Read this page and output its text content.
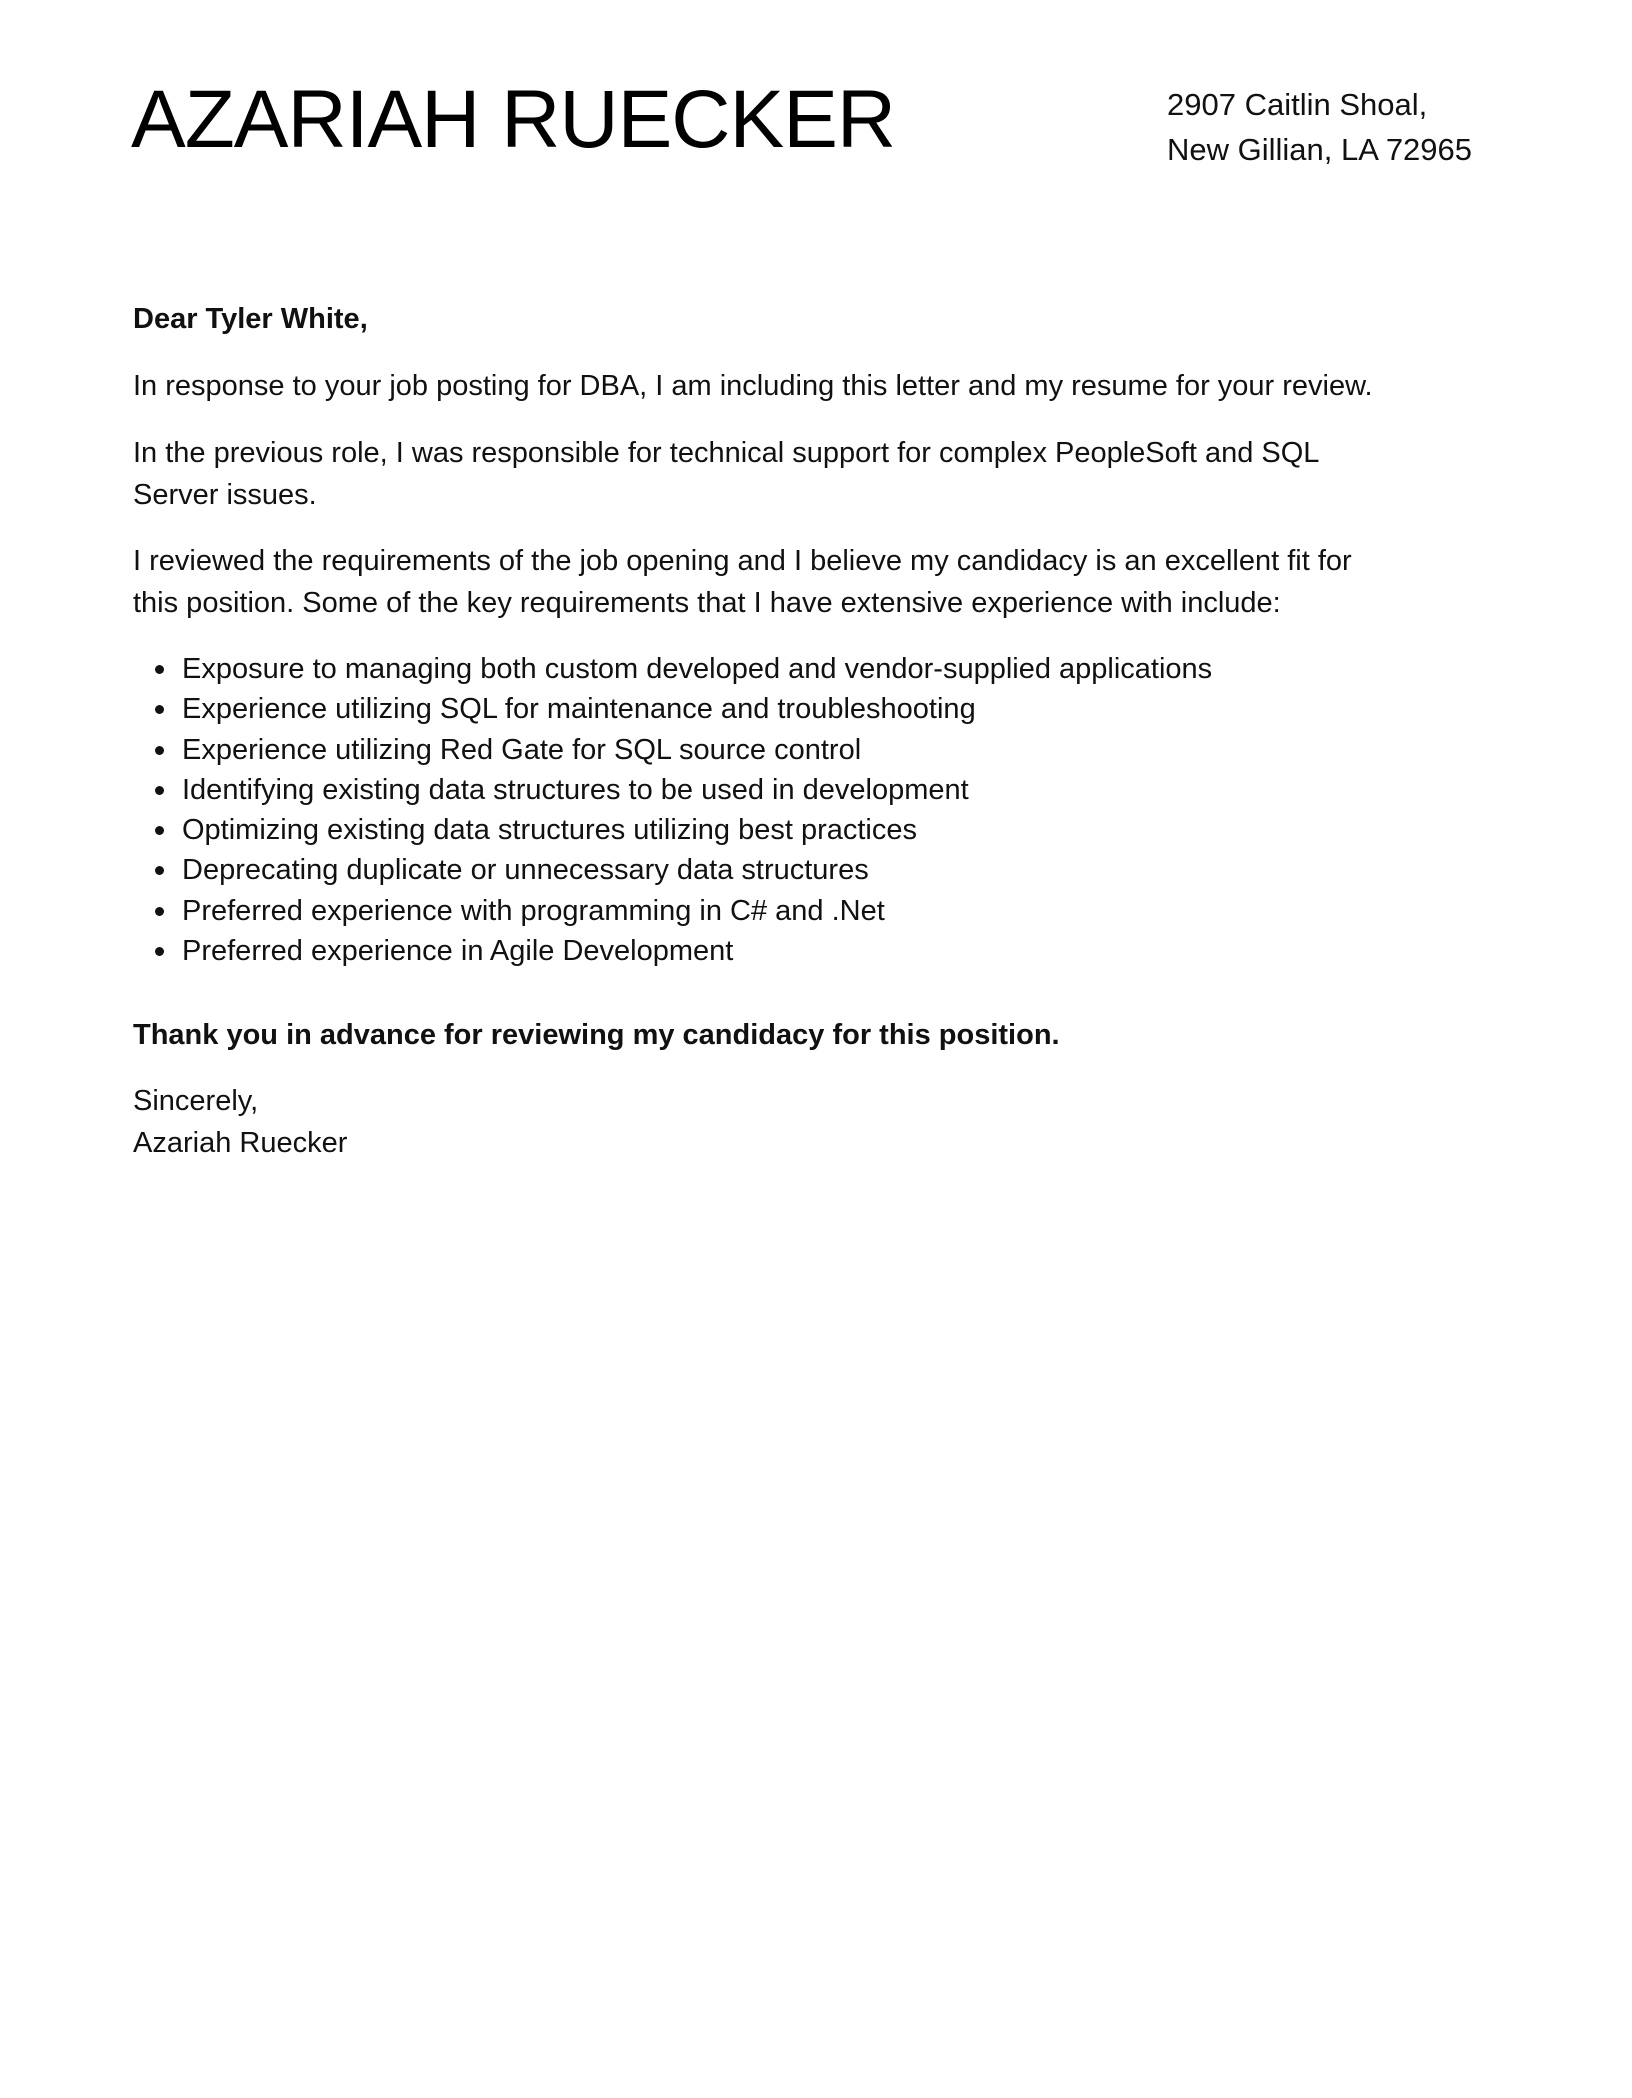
AZARIAH RUECKER	2907 Caitlin Shoal,
New Gillian, LA 72965
Dear Tyler White,
In response to your job posting for DBA, I am including this letter and my resume for your review.
In the previous role, I was responsible for technical support for complex PeopleSoft and SQL
Server issues.
I reviewed the requirements of the job opening and I believe my candidacy is an excellent fit for
this position. Some of the key requirements that I have extensive experience with include:
Exposure to managing both custom developed and vendor-supplied applications
Experience utilizing SQL for maintenance and troubleshooting
Experience utilizing Red Gate for SQL source control
Identifying existing data structures to be used in development
Optimizing existing data structures utilizing best practices
Deprecating duplicate or unnecessary data structures
Preferred experience with programming in C# and .Net
Preferred experience in Agile Development
Thank you in advance for reviewing my candidacy for this position.
Sincerely,
Azariah Ruecker
